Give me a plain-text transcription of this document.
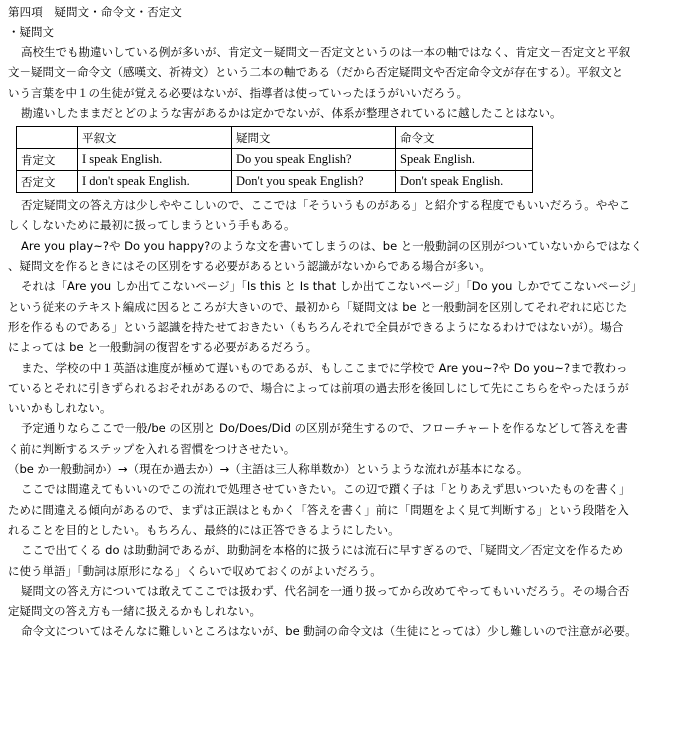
第四項　疑問文・命令文・否定文
・疑問文
高校生でも勘違いしている例が多いが、肯定文－疑問文－否定文というのは一本の軸ではなく、肯定文－否定文と平叙
文－疑問文－命令文（感嘆文、祈祷文）という二本の軸である（だから否定疑問文や否定命令文が存在する）。平叙文と
いう言葉を中１の生徒が覚える必要はないが、指導者は使っていったほうがいいだろう。
勘違いしたままだとどのような害があるかは定かでないが、体系が整理されているに越したことはない。
	平叙文	疑問文	命令文
肯定文	I speak English.	Do you speak English?	Speak English.
否定文	I don't speak English.	Don't you speak English?	Don't speak English.
否定疑問文の答え方は少しややこしいので、ここでは「そういうものがある」と紹介する程度でもいいだろう。ややこ
しくしないために最初に扱ってしまうという手もある。
Are you play~?や Do you happy?のような文を書いてしまうのは、be と一般動詞の区別がついていないからではなく
、疑問文を作るときにはその区別をする必要があるという認識がないからである場合が多い。
それは「Are you しか出てこないページ」「Is this と Is that しか出てこないページ」「Do you しかでてこないページ」
という従来のテキスト編成に因るところが大きいので、最初から「疑問文は be と一般動詞を区別してそれぞれに応じた
形を作るものである」という認識を持たせておきたい（もちろんそれで全員ができるようになるわけではないが）。場合
によっては be と一般動詞の復習をする必要があるだろう。
また、学校の中１英語は進度が極めて遅いものであるが、もしここまでに学校で Are you~?や Do you~?まで教わっ
ているとそれに引きずられるおそれがあるので、場合によっては前項の過去形を後回しにして先にこちらをやったほうが
いいかもしれない。
予定通りならここで一般/be の区別と Do/Does/Did の区別が発生するので、フローチャートを作るなどして答えを書
く前に判断するステップを入れる習慣をつけさせたい。
（be か一般動詞か）→（現在か過去か）→（主語は三人称単数か）というような流れが基本になる。
ここでは間違えてもいいのでこの流れで処理させていきたい。この辺で躓く子は「とりあえず思いついたものを書く」
ために間違える傾向があるので、まずは正誤はともかく「答えを書く」前に「問題をよく見て判断する」という段階を入
れることを目的としたい。もちろん、最終的には正答できるようにしたい。
ここで出てくる do は助動詞であるが、助動詞を本格的に扱うには流石に早すぎるので、「疑問文／否定文を作るため
に使う単語」「動詞は原形になる」くらいで収めておくのがよいだろう。
疑問文の答え方については敢えてここでは扱わず、代名詞を一通り扱ってから改めてやってもいいだろう。その場合否
定疑問文の答え方も一緒に扱えるかもしれない。
命令文についてはそんなに難しいところはないが、be 動詞の命令文は（生徒にとっては）少し難しいので注意が必要。
